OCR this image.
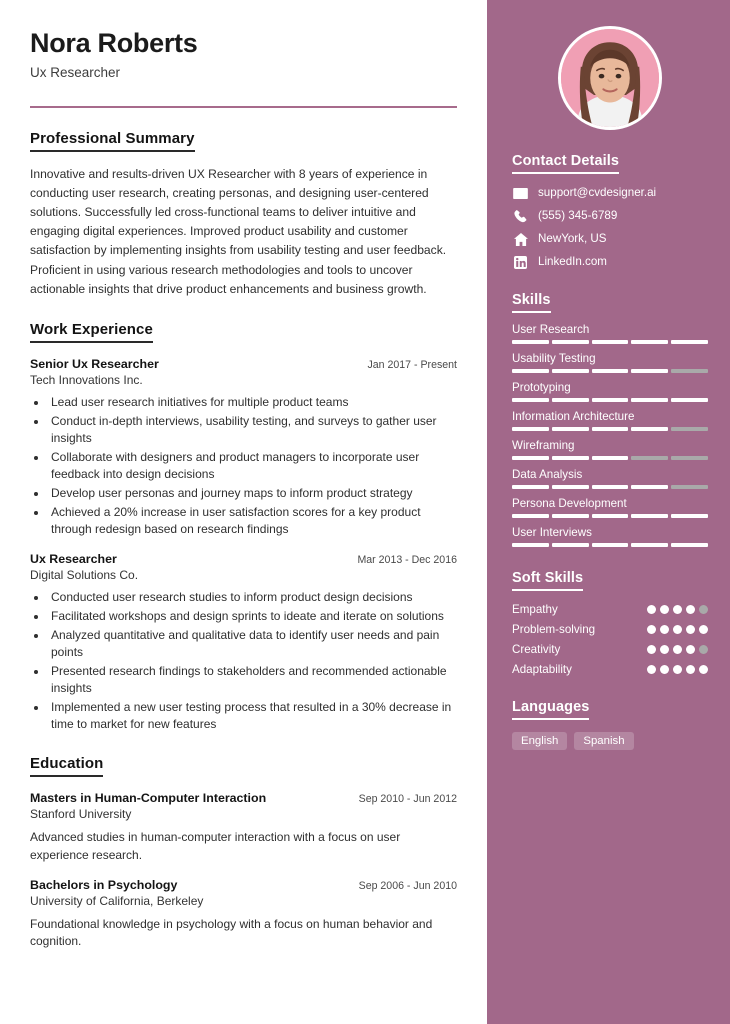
Nora Roberts
Ux Researcher
Professional Summary
Innovative and results-driven UX Researcher with 8 years of experience in conducting user research, creating personas, and designing user-centered solutions. Successfully led cross-functional teams to deliver intuitive and engaging digital experiences. Improved product usability and customer satisfaction by implementing insights from usability testing and user feedback. Proficient in using various research methodologies and tools to uncover actionable insights that drive product enhancements and business growth.
Work Experience
Senior Ux Researcher	Jan 2017 - Present
Tech Innovations Inc.
• Lead user research initiatives for multiple product teams
• Conduct in-depth interviews, usability testing, and surveys to gather user insights
• Collaborate with designers and product managers to incorporate user feedback into design decisions
• Develop user personas and journey maps to inform product strategy
• Achieved a 20% increase in user satisfaction scores for a key product through redesign based on research findings
Ux Researcher	Mar 2013 - Dec 2016
Digital Solutions Co.
• Conducted user research studies to inform product design decisions
• Facilitated workshops and design sprints to ideate and iterate on solutions
• Analyzed quantitative and qualitative data to identify user needs and pain points
• Presented research findings to stakeholders and recommended actionable insights
• Implemented a new user testing process that resulted in a 30% decrease in time to market for new features
Education
Masters in Human-Computer Interaction	Sep 2010 - Jun 2012
Stanford University
Advanced studies in human-computer interaction with a focus on user experience research.
Bachelors in Psychology	Sep 2006 - Jun 2010
University of California, Berkeley
Foundational knowledge in psychology with a focus on human behavior and cognition.
Contact Details
support@cvdesigner.ai
(555) 345-6789
NewYork, US
LinkedIn.com
Skills
User Research
Usability Testing
Prototyping
Information Architecture
Wireframing
Data Analysis
Persona Development
User Interviews
Soft Skills
Empathy
Problem-solving
Creativity
Adaptability
Languages
English	Spanish
